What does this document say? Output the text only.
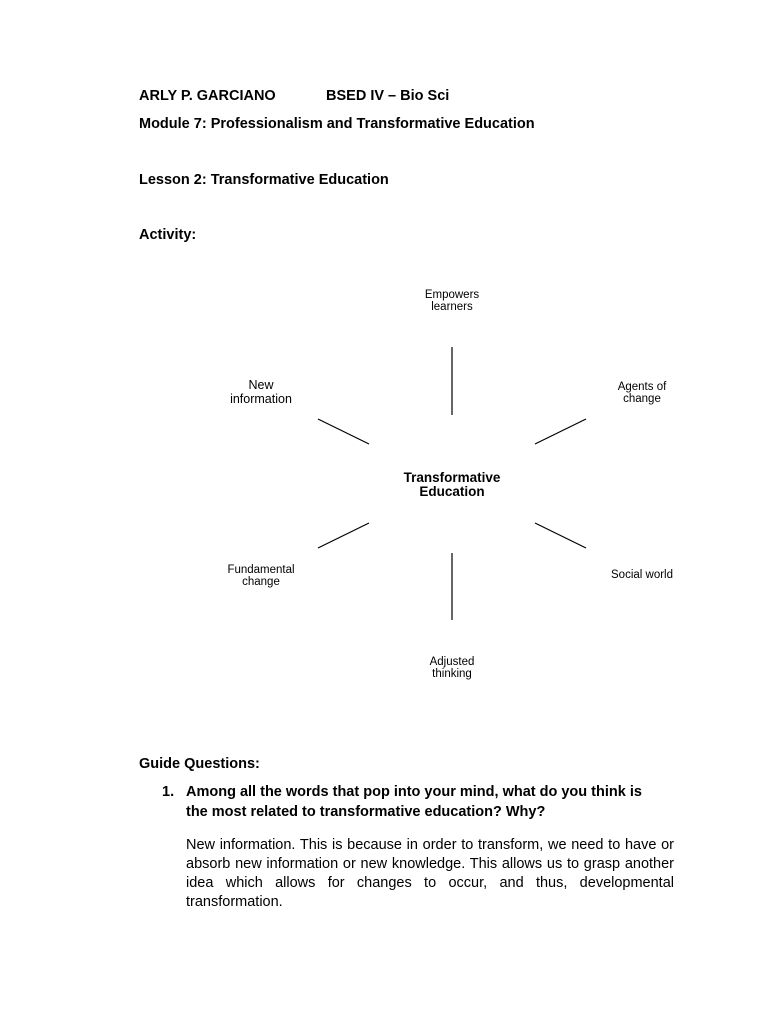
ARLY P. GARCIANO	BSED IV – Bio Sci
Module 7: Professionalism and Transformative Education
Lesson 2: Transformative Education
Activity:
Transformative
Education
Empowers
learners
New
information
Agents of
change
Fundamental
change
Social world
Adjusted
thinking
Guide Questions:
1. Among all the words that pop into your mind, what do you think is
the most related to transformative education? Why?
New information. This is because in order to transform, we need to have or absorb new information or new knowledge. This allows us to grasp another idea which allows for changes to occur, and thus, developmental transformation.
